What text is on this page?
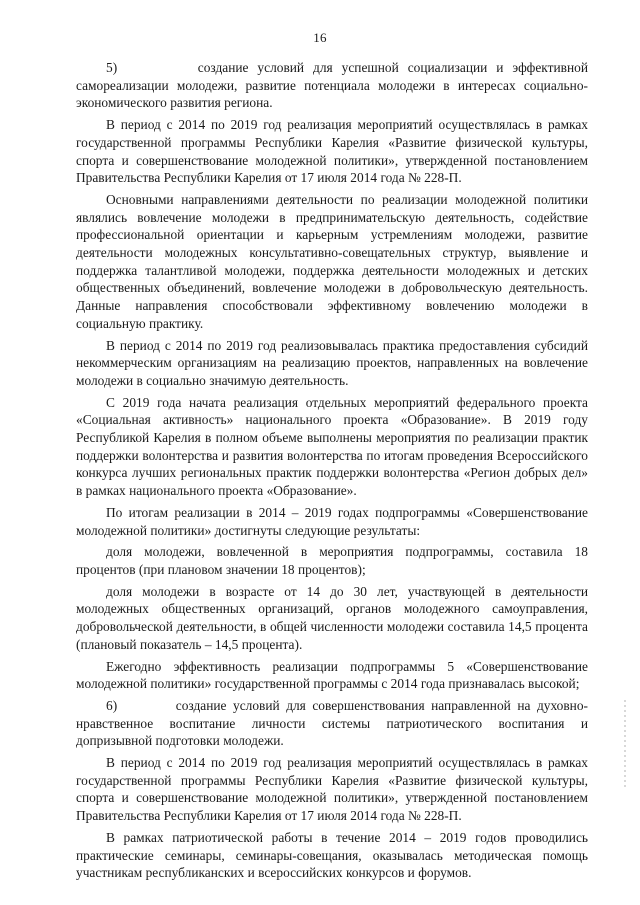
16

5)         создание условий для успешной социализации и эффективной самореализации молодежи, развитие потенциала молодежи в интересах социально-экономического развития региона.

В период с 2014 по 2019 год реализация мероприятий осуществлялась в рамках государственной программы Республики Карелия «Развитие физической культуры, спорта и совершенствование молодежной политики», утвержденной постановлением Правительства Республики Карелия от 17 июля 2014 года № 228-П.

Основными направлениями деятельности по реализации молодежной политики являлись вовлечение молодежи в предпринимательскую деятельность, содействие профессиональной ориентации и карьерным устремлениям молодежи, развитие деятельности молодежных консультативно-совещательных структур, выявление и поддержка талантливой молодежи, поддержка деятельности молодежных и детских общественных объединений, вовлечение молодежи в добровольческую деятельность. Данные направления способствовали эффективному вовлечению молодежи в социальную практику.

В период с 2014 по 2019 год реализовывалась практика предоставления субсидий некоммерческим организациям на реализацию проектов, направленных на вовлечение молодежи в социально значимую деятельность.

С 2019 года начата реализация отдельных мероприятий федерального проекта «Социальная активность» национального проекта «Образование». В 2019 году Республикой Карелия в полном объеме выполнены мероприятия по реализации практик поддержки волонтерства и развития волонтерства по итогам проведения Всероссийского конкурса лучших региональных практик поддержки волонтерства «Регион добрых дел» в рамках национального проекта «Образование».

По итогам реализации в 2014 – 2019 годах подпрограммы «Совершенствование молодежной политики» достигнуты следующие результаты:

доля молодежи, вовлеченной в мероприятия подпрограммы, составила 18 процентов (при плановом значении 18 процентов);

доля молодежи в возрасте от 14 до 30 лет, участвующей в деятельности молодежных общественных организаций, органов молодежного самоуправления, добровольческой деятельности, в общей численности молодежи составила 14,5 процента (плановый показатель – 14,5 процента).

Ежегодно эффективность реализации подпрограммы 5 «Совершенствование молодежной политики» государственной программы с 2014 года признавалась высокой;

6)         создание условий для совершенствования направленной на духовно-нравственное воспитание личности системы патриотического воспитания и допризывной подготовки молодежи.

В период с 2014 по 2019 год реализация мероприятий осуществлялась в рамках государственной программы Республики Карелия «Развитие физической культуры, спорта и совершенствование молодежной политики», утвержденной постановлением Правительства Республики Карелия от 17 июля 2014 года № 228-П.

В рамках патриотической работы в течение 2014 – 2019 годов проводились практические семинары, семинары-совещания, оказывалась методическая помощь участникам республиканских и всероссийских конкурсов и форумов.
